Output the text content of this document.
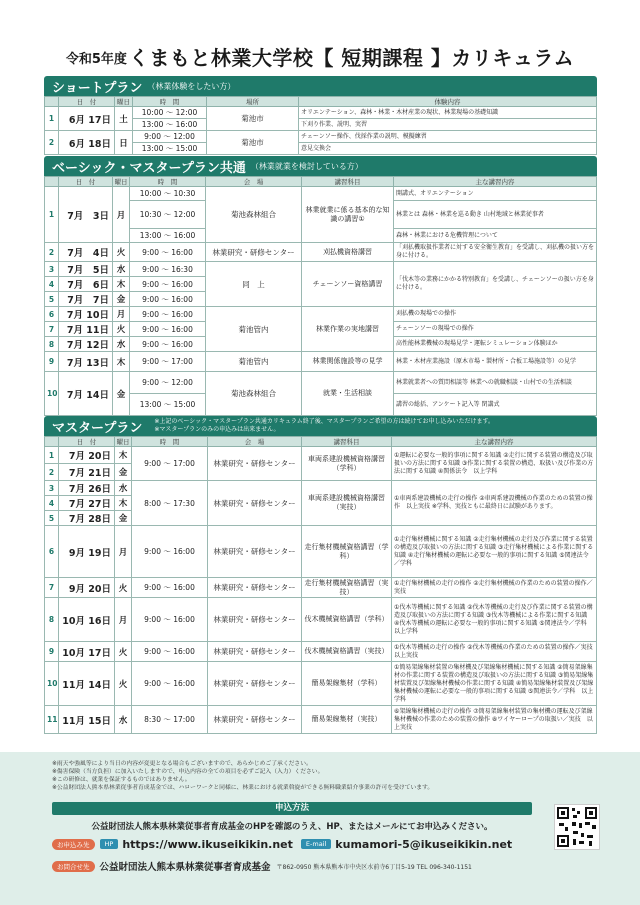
令和5年度 くまもと林業大学校【 短期課程 】カリキュラム
ショートプラン （林業体験をしたい方）
	日　付	曜日	時　間	場所	体験内容
1	6月 17日	土	10:00 ～ 12:00	菊池市	オリエンテーション、森林・林業・木材産業の現状、林業現場の基礎知識
			13:00 ～ 16:00		下刈り作業、説明、実習
2	6月 18日	日	9:00 ～ 12:00	菊池市	チェーンソー操作、伐採作業の説明、模擬練習
			13:00 ～ 15:00		意見交換会
ベーシック・マスタープラン共通 （林業就業を検討している方）
	日　付	曜日	時　間	会　場	講習科目	主な講習内容
1	7月　3日	月	10:00 ～ 10:30	菊池森林組合	林業就業に係る基本的な知識の講習①	開講式、オリエンテーション
			10:30 ～ 12:00			林業とは 森林・林業を巡る動き 山村地域と林業従事者
			13:00 ～ 16:00			森林・林業における危機管理について
2	7月　4日	火	9:00 ～ 16:00	林業研究・研修センター	刈払機資格講習	「刈払機取扱作業者に対する安全衛生教育」を受講し、刈払機の扱い方を身に付ける。
3	7月　5日	水	9:00 ～ 16:30	同　上	チェーンソー資格講習	「伐木等の業務にかかる特別教育」を受講し、チェーンソーの扱い方を身に付ける。
4	7月　6日	木	9:00 ～ 16:00			
5	7月　7日	金	9:00 ～ 16:00			
6	7月 10日	月	9:00 ～ 16:00	菊池管内	林業作業の実地講習	刈払機の現場での操作
7	7月 11日	火	9:00 ～ 16:00			チェーンソーの現場での操作
8	7月 12日	水	9:00 ～ 16:00			高性能林業機械の現場見学・運転シミュレーション体験ほか
9	7月 13日	木	9:00 ～ 17:00	菊池管内	林業関係施設等の見学	林業・木材産業施設（原木市場・製材所・合板工場施設等）の見学
10	7月 14日	金	9:00 ～ 12:00	菊池森林組合	就業・生活相談	林業就業者への質問相談等 林業への就職相談・山村での生活相談
			13:00 ～ 15:00			講習の総括、アンケート記入等 閉講式
マスタープラン ※上記のベーシック・マスタープラン共通カリキュラム終了後、マスタープランご希望の方は続けてお申し込みいただけます。
※マスタープランのみの申込みは出来ません。
	日　付	曜日	時　間	会　場	講習科目	主な講習内容
1	7月 20日	木	9:00 ～ 17:00	林業研究・研修センター	車両系建設機械資格講習（学科）	①運転に必要な一般的事項に関する知識 ②走行に関する装置の構造及び取扱いの方法に関する知識 ③作業に関する装置の構造、取扱い及び作業の方法に関する知識 ④関係法令　以上学科
2	7月 21日	金				
3	7月 26日	水	8:00 ～ 17:30	林業研究・研修センター	車両系建設機械資格講習（実技）	①車両系建設機械の走行の操作 ②車両系建設機械の作業のための装置の操作　以上実技 ※学科、実技ともに最終日に試験があります。
4	7月 27日	木				
5	7月 28日	金				
6	9月 19日	月	9:00 ～ 16:00	林業研究・研修センター	走行集材機械資格講習（学科）	①走行集材機械に関する知識 ②走行集材機械の走行及び作業に関する装置の構造及び取扱いの方法に関する知識 ③走行集材機械による作業に関する知識 ④走行集材機械の運転に必要な一般的事項に関する知識 ⑤関連法令／学科
7	9月 20日	火	9:00 ～ 16:00	林業研究・研修センター	走行集材機械資格講習（実技）	①走行集材機械の走行の操作 ②走行集材機械の作業のための装置の操作／実技
8	10月 16日	月	9:00 ～ 16:00	林業研究・研修センター	伐木機械資格講習（学科）	①伐木等機械に関する知識 ②伐木等機械の走行及び作業に関する装置の構造及び取扱いの方法に関する知識 ③伐木等機械による作業に関する知識 ④伐木等機械の運転に必要な一般的事項に関する知識 ⑤関連法令／学科　以上学科
9	10月 17日	火	9:00 ～ 16:00	林業研究・研修センター	伐木機械資格講習（実技）	①伐木等機械の走行の操作 ②伐木等機械の作業のための装置の操作／実技　以上実技
10	11月 14日	火	9:00 ～ 16:00	林業研究・研修センター	簡易架線集材（学科）	①簡易架線集材装置の集材機及び架線集材機械に関する知識 ②簡易架線集材の作業に関する装置の構造及び取扱いの方法に関する知識 ③簡易架線集材装置及び架線集材機械の作業に関する知識 ④簡易架線集材装置及び架線集材機械の運転に必要な一般的事項に関する知識 ⑤関連法令／学科　以上学科
11	11月 15日	水	8:30 ～ 17:00	林業研究・研修センター	簡易架線集材（実技）	⑥架線集材機械の走行の操作 ⑦簡易架線集材装置の集材機の運転及び架線集材機械の作業のための装置の操作 ⑧ワイヤーロープの取扱い／実技　以上実技
※雨天や強風等により当日の内容が変更となる場合もございますので、あらかじめご了承ください。
※傷害保険（当方負担）に加入いたしますので、申込内容の全ての項目を必ずご記入（入力）ください。
※この研修は、就業を保証するものではありません。
※公益財団法人熊本県林業従事者育成基金では、ハローワークと同様に、林業における就業斡旋ができる無料職業紹介事業の許可を受けています。
申込方法
公益財団法人熊本県林業従事者育成基金のHPを確認のうえ、HP、またはメールにてお申込みください。
お申込み先	HP https://www.ikuseikikin.net	E-mail kumamori-5@ikuseikikin.net
お問合せ先	公益財団法人熊本県林業従事者育成基金 〒862-0950 熊本県熊本市中央区水前寺6丁目5-19 TEL 096-340-1151
